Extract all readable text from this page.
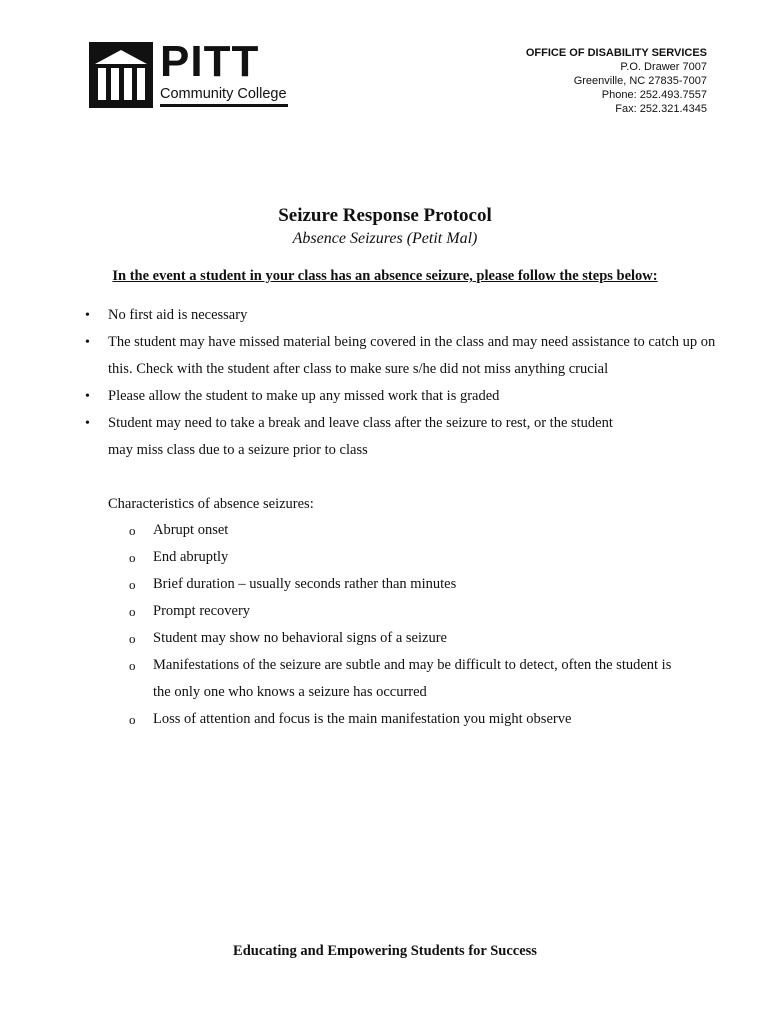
PITT
Community College
OFFICE OF DISABILITY SERVICES
P.O. Drawer 7007
Greenville, NC 27835-7007
Phone: 252.493.7557
Fax: 252.321.4345
Seizure Response Protocol
Absence Seizures (Petit Mal)
In the event a student in your class has an absence seizure, please follow the steps below:
• No first aid is necessary
• The student may have missed material being covered in the class and may need assistance to catch up on this. Check with the student after class to make sure s/he did not miss anything crucial
• Please allow the student to make up any missed work that is graded
• Student may need to take a break and leave class after the seizure to rest, or the student may miss class due to a seizure prior to class
Characteristics of absence seizures:
o Abrupt onset
o End abruptly
o Brief duration – usually seconds rather than minutes
o Prompt recovery
o Student may show no behavioral signs of a seizure
o Manifestations of the seizure are subtle and may be difficult to detect, often the student is the only one who knows a seizure has occurred
o Loss of attention and focus is the main manifestation you might observe
Educating and Empowering Students for Success
